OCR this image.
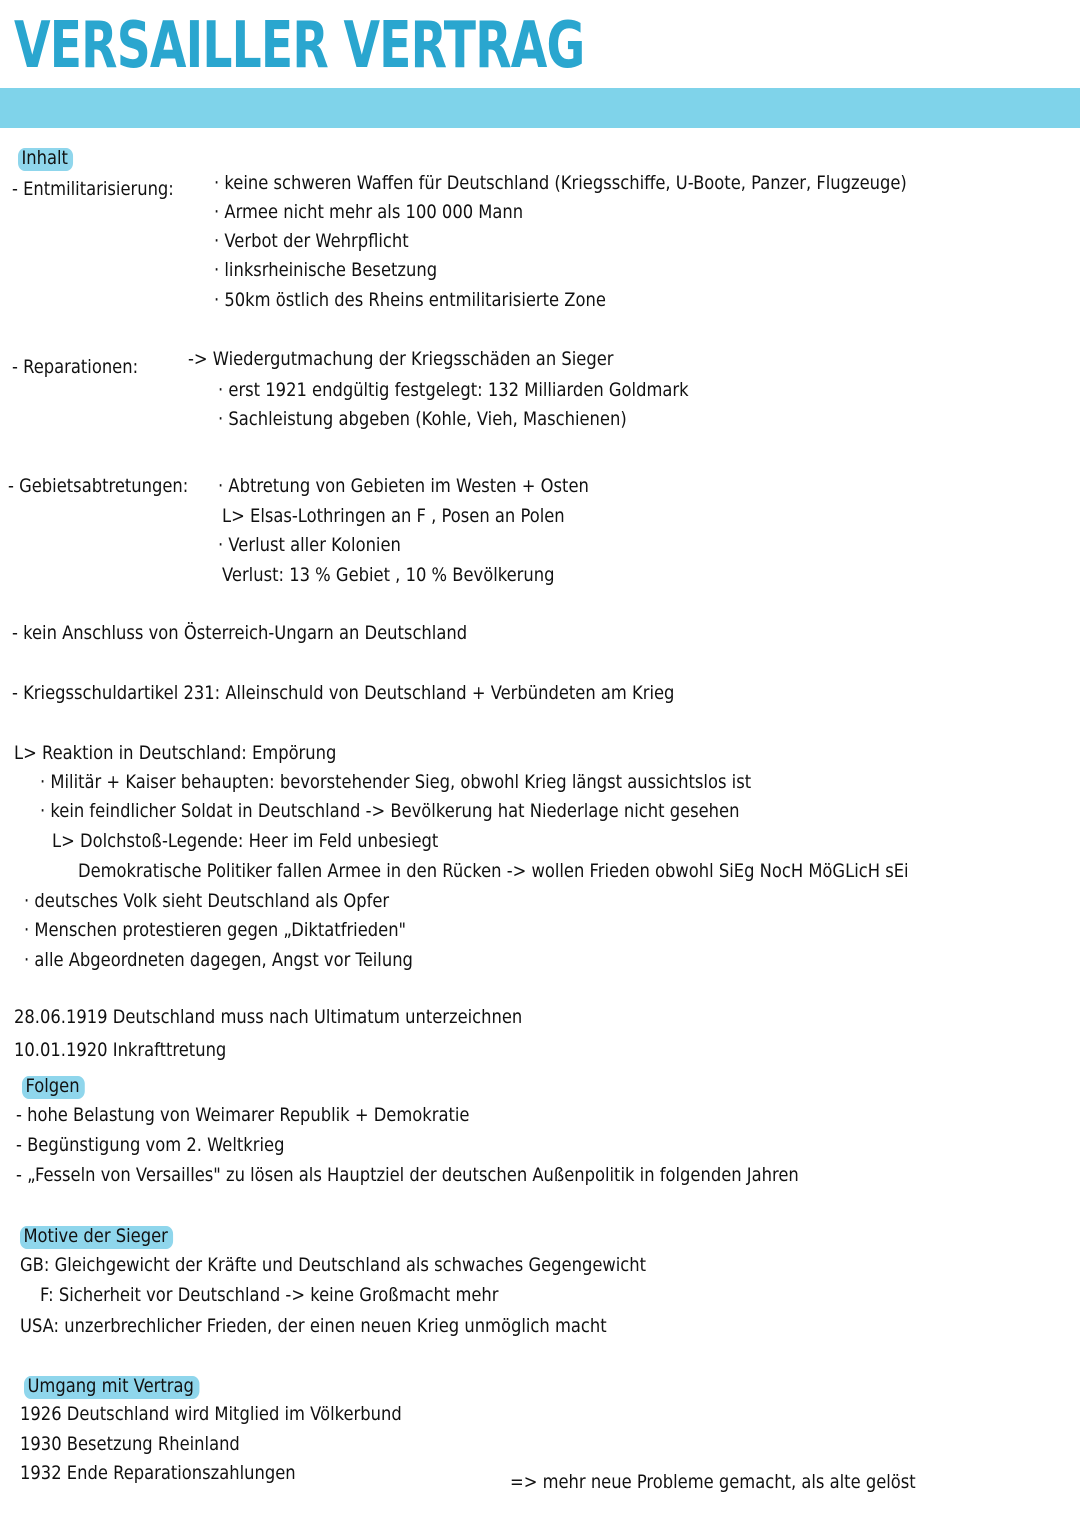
VERSAILLER VERTRAG
Inhalt
- Entmilitarisierung: · keine schweren Waffen für Deutschland (Kriegsschiffe, U-Boote, Panzer, Flugzeuge)
· Armee nicht mehr als 100 000 Mann
· Verbot der Wehrpflicht
· linksrheinische Besetzung
· 50km östlich des Rheins entmilitarisierte Zone
- Reparationen:	-> Wiedergutmachung der Kriegsschäden an Sieger
· erst 1921 endgültig festgelegt: 132 Milliarden Goldmark
· Sachleistung abgeben (Kohle, Vieh, Maschienen)
- Gebietsabtretungen: · Abtretung von Gebieten im Westen + Osten
L> Elsas-Lothringen an F , Posen an Polen
· Verlust aller Kolonien
Verlust: 13 % Gebiet , 10 % Bevölkerung
- kein Anschluss von Österreich-Ungarn an Deutschland
- Kriegsschuldartikel 231: Alleinschuld von Deutschland + Verbündeten am Krieg
L> Reaktion in Deutschland: Empörung
· Militär + Kaiser behaupten: bevorstehender Sieg, obwohl Krieg längst aussichtslos ist
· kein feindlicher Soldat in Deutschland -> Bevölkerung hat Niederlage nicht gesehen
L> Dolchstoß-Legende: Heer im Feld unbesiegt
Demokratische Politiker fallen Armee in den Rücken -> wollen Frieden obwohl SiEg NocH MöGLicH sEi
· deutsches Volk sieht Deutschland als Opfer
· Menschen protestieren gegen „Diktatfrieden"
· alle Abgeordneten dagegen, Angst vor Teilung
28.06.1919 Deutschland muss nach Ultimatum unterzeichnen
10.01.1920 Inkrafttretung
Folgen
- hohe Belastung von Weimarer Republik + Demokratie
- Begünstigung vom 2. Weltkrieg
- „Fesseln von Versailles" zu lösen als Hauptziel der deutschen Außenpolitik in folgenden Jahren
Motive der Sieger
GB: Gleichgewicht der Kräfte und Deutschland als schwaches Gegengewicht
F: Sicherheit vor Deutschland -> keine Großmacht mehr
USA: unzerbrechlicher Frieden, der einen neuen Krieg unmöglich macht
Umgang mit Vertrag
1926 Deutschland wird Mitglied im Völkerbund
1930 Besetzung Rheinland
1932 Ende Reparationszahlungen	=> mehr neue Probleme gemacht, als alte gelöst
